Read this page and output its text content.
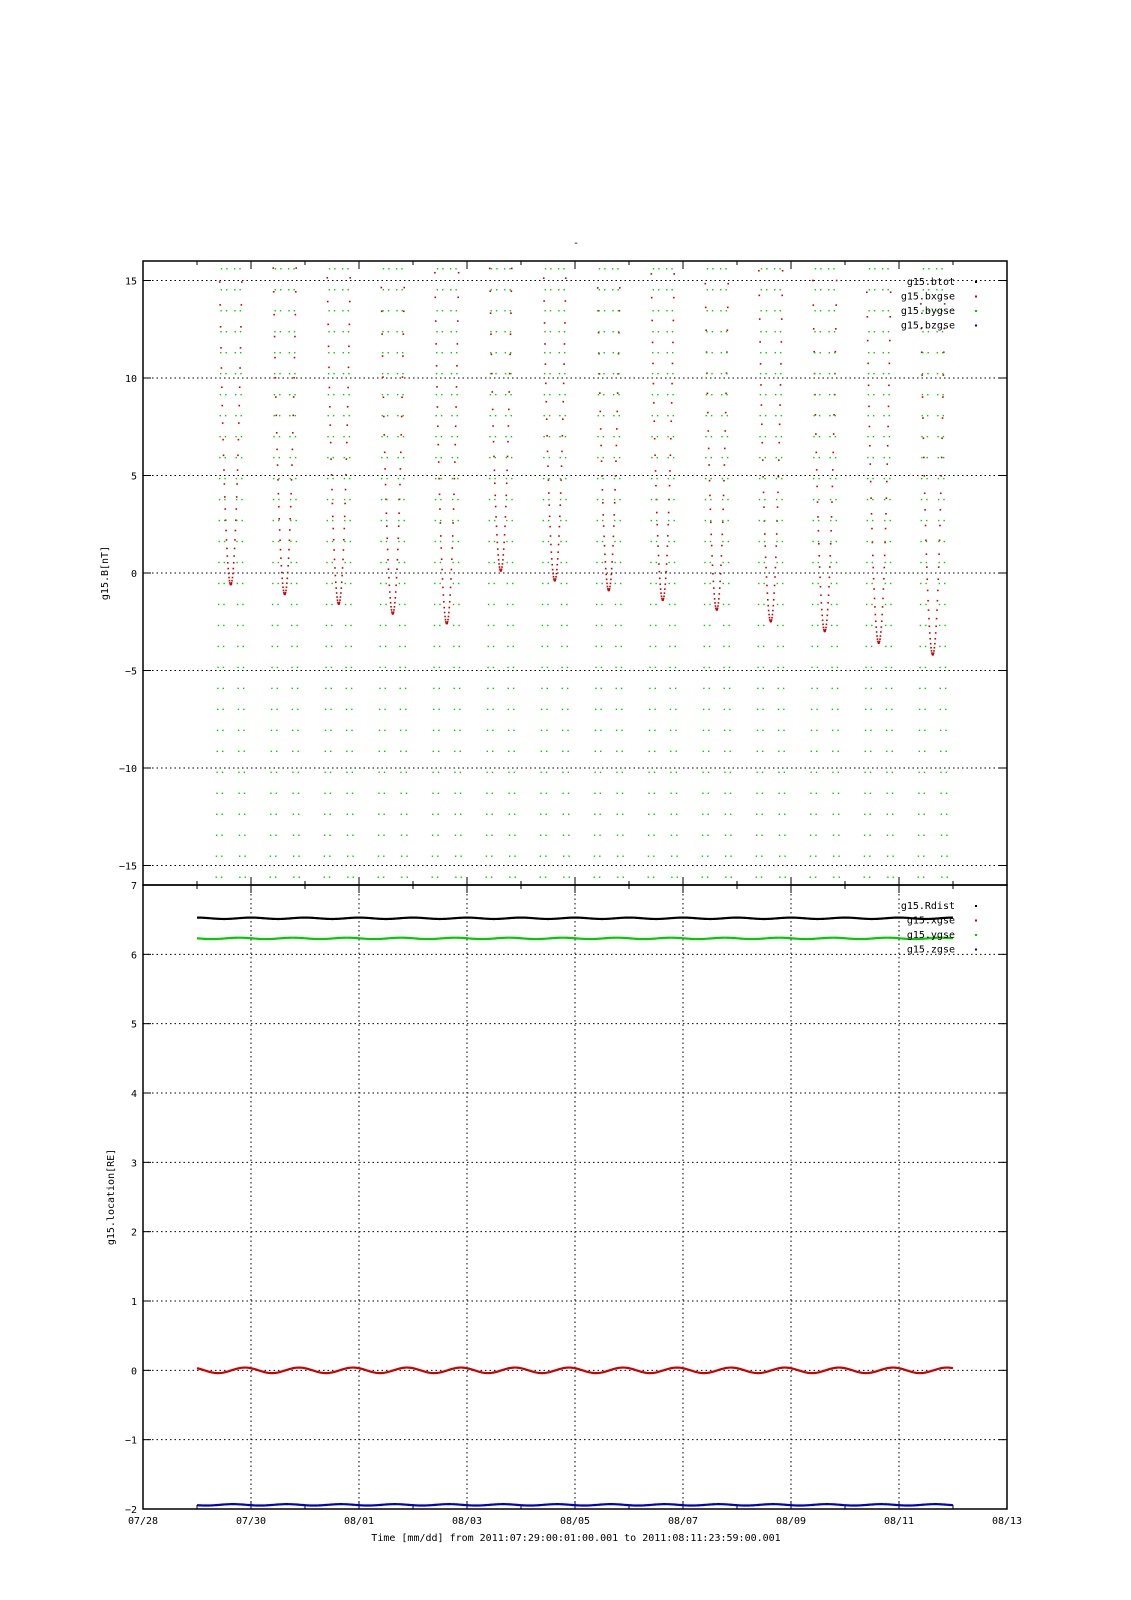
-
−15
−10
−5
0
5
10
15
g15.B[nT]
g15.btot
g15.bxgse
g15.bygse
g15.bzgse
−2
−1
0
1
2
3
4
5
6
7
g15.location[RE]
g15.Rdist
g15.xgse
g15.ygse
g15.zgse
07/28	07/30	08/01	08/03	08/05	08/07	08/09	08/11	08/13
Time [mm/dd] from 2011:07:29:00:01:00.001 to 2011:08:11:23:59:00.001
